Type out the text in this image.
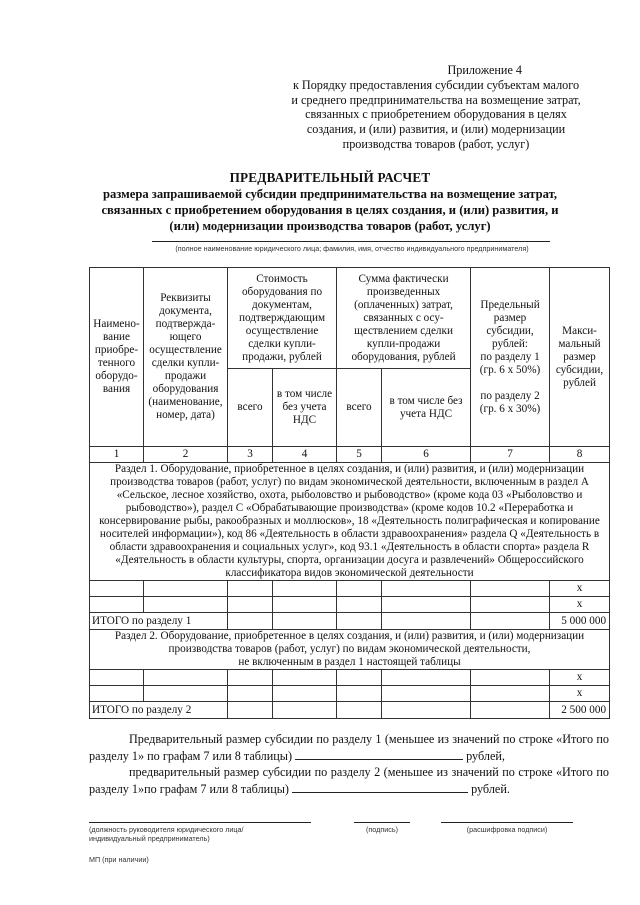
Приложение 4
к Порядку предоставления субсидии субъектам малого
и среднего предпринимательства на возмещение затрат,
связанных с приобретением оборудования в целях
создания, и (или) развития, и (или) модернизации
производства товаров (работ, услуг)
ПРЕДВАРИТЕЛЬНЫЙ РАСЧЕТ
размера запрашиваемой субсидии предпринимательства на возмещение затрат,
связанных с приобретением оборудования в целях создания, и (или) развития, и
(или) модернизации производства товаров (работ, услуг)
(полное наименование юридического лица; фамилия, имя, отчество индивидуального предпринимателя)
Наимено-вание приобре-тенного оборудо-вания	Реквизиты документа, подтвержда-ющего осуществление сделки купли-продажи оборудования (наименование, номер, дата)	Стоимость оборудования по документам, подтверждающим осуществление сделки купли-продажи, рублей		Сумма фактически произведенных (оплаченных) затрат, связанных с осу-ществлением сделки купли-продажи оборудования, рублей		Предельный размер субсидии, рублей:
по разделу 1 (гр. 6 х 50%)

по разделу 2 (гр. 6 х 30%)	Макси-мальный размер субсидии, рублей
		всего	в том числе без учета НДС	всего	в том числе без учета НДС		
1	2	3	4	5	6	7	8
Раздел 1. Оборудование, приобретенное в целях создания, и (или) развития, и (или) модернизации производства товаров (работ, услуг) по видам экономической деятельности, включенным в раздел А «Сельское, лесное хозяйство, охота, рыболовство и рыбоводство» (кроме кода 03 «Рыболовство и рыбоводство»), раздел С «Обрабатывающие производства» (кроме кодов 10.2 «Переработка и консервирование рыбы, ракообразных и моллюсков», 18 «Деятельность полиграфическая и копирование носителей информации»), код 86 «Деятельность в области здравоохранения» раздела Q «Деятельность в области здравоохранения и социальных услуг», код 93.1 «Деятельность в области спорта» раздела R «Деятельность в области культуры, спорта, организации досуга и развлечений» Общероссийского классификатора видов экономической деятельности							
							х
							х
ИТОГО по разделу 1							5 000 000
Раздел 2. Оборудование, приобретенное в целях создания, и (или) развития, и (или) модернизации
производства товаров (работ, услуг) по видам экономической деятельности,
не включенным в раздел 1 настоящей таблицы							
							х
							х
ИТОГО по разделу 2							2 500 000

Предварительный размер субсидии по разделу 1 (меньшее из значений по строке «Итого по разделу 1» по графам 7 или 8 таблицы)	рублей,

предварительный размер субсидии по разделу 2 (меньшее из значений по строке «Итого по разделу 1»по графам 7 или 8 таблицы)	рублей.

(должность руководителя юридического лица/
индивидуальный предприниматель)
(подпись)	(расшифровка подписи)
МП (при наличии)
